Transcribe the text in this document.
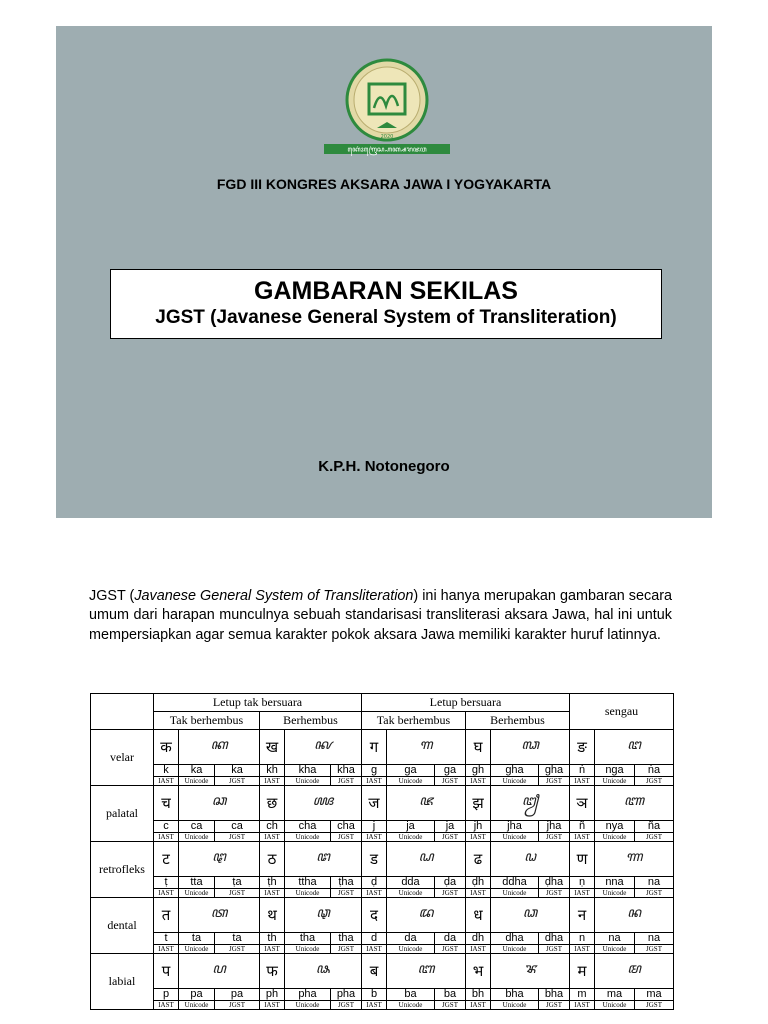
2020
ꦏꦺꦴꦁꦒꦿꦺꦱ꧀ꦲꦏ꧀ꦱꦫꦗꦮ
FGD III KONGRES AKSARA JAWA I YOGYAKARTA
GAMBARAN SEKILAS
JGST (Javanese General System of Transliteration)
K.P.H. Notonegoro
JGST (Javanese General System of Transliteration) ini hanya merupakan gambaran secara umum dari harapan munculnya sebuah standarisasi transliterasi aksara Jawa, hal ini untuk mempersiapkan agar semua karakter pokok aksara Jawa memiliki karakter huruf latinnya.
	Letup tak bersuara						Letup bersuara						sengau		
	Tak berhembus			Berhembus			Tak berhembus			Berhembus					
velar	क	ꦏ		ख	ꦑ		ग	ꦒ		घ	ꦓ		ङ	ꦔ	
	k	ka	ka	kh	kha	kha	g	ga	ga	gh	gha	gha	ṅ	nga	ṅa
	IAST	Unicode	JGST	IAST	Unicode	JGST	IAST	Unicode	JGST	IAST	Unicode	JGST	IAST	Unicode	JGST
palatal	च	ꦕ		छ	ꦖ		ज	ꦗ		झ	ꦙ		ञ	ꦚ	
	c	ca	ca	ch	cha	cha	j	ja	ja	jh	jha	jha	ñ	nya	ña
	IAST	Unicode	JGST	IAST	Unicode	JGST	IAST	Unicode	JGST	IAST	Unicode	JGST	IAST	Unicode	JGST
retrofleks	ट	ꦛ		ठ	ꦜ		ड	ꦝ		ढ	ꦞ		ण	ꦟ	
	ṭ	tta	ṭa	ṭh	ttha	ṭha	ḍ	dda	ḍa	ḍh	ddha	ḍha	ṇ	nna	na
	IAST	Unicode	JGST	IAST	Unicode	JGST	IAST	Unicode	JGST	IAST	Unicode	JGST	IAST	Unicode	JGST
dental	त	ꦠ		थ	ꦡ		द	ꦢ		ध	ꦣ		न	ꦤ	
	t	ta	ta	th	tha	tha	d	da	da	dh	dha	dha	n	na	na
	IAST	Unicode	JGST	IAST	Unicode	JGST	IAST	Unicode	JGST	IAST	Unicode	JGST	IAST	Unicode	JGST
labial	प	ꦥ		फ	ꦦ		ब	ꦧ		भ	ꦨ		म	ꦩ	
	p	pa	pa	ph	pha	pha	b	ba	ba	bh	bha	bha	m	ma	ma
	IAST	Unicode	JGST	IAST	Unicode	JGST	IAST	Unicode	JGST	IAST	Unicode	JGST	IAST	Unicode	JGST
